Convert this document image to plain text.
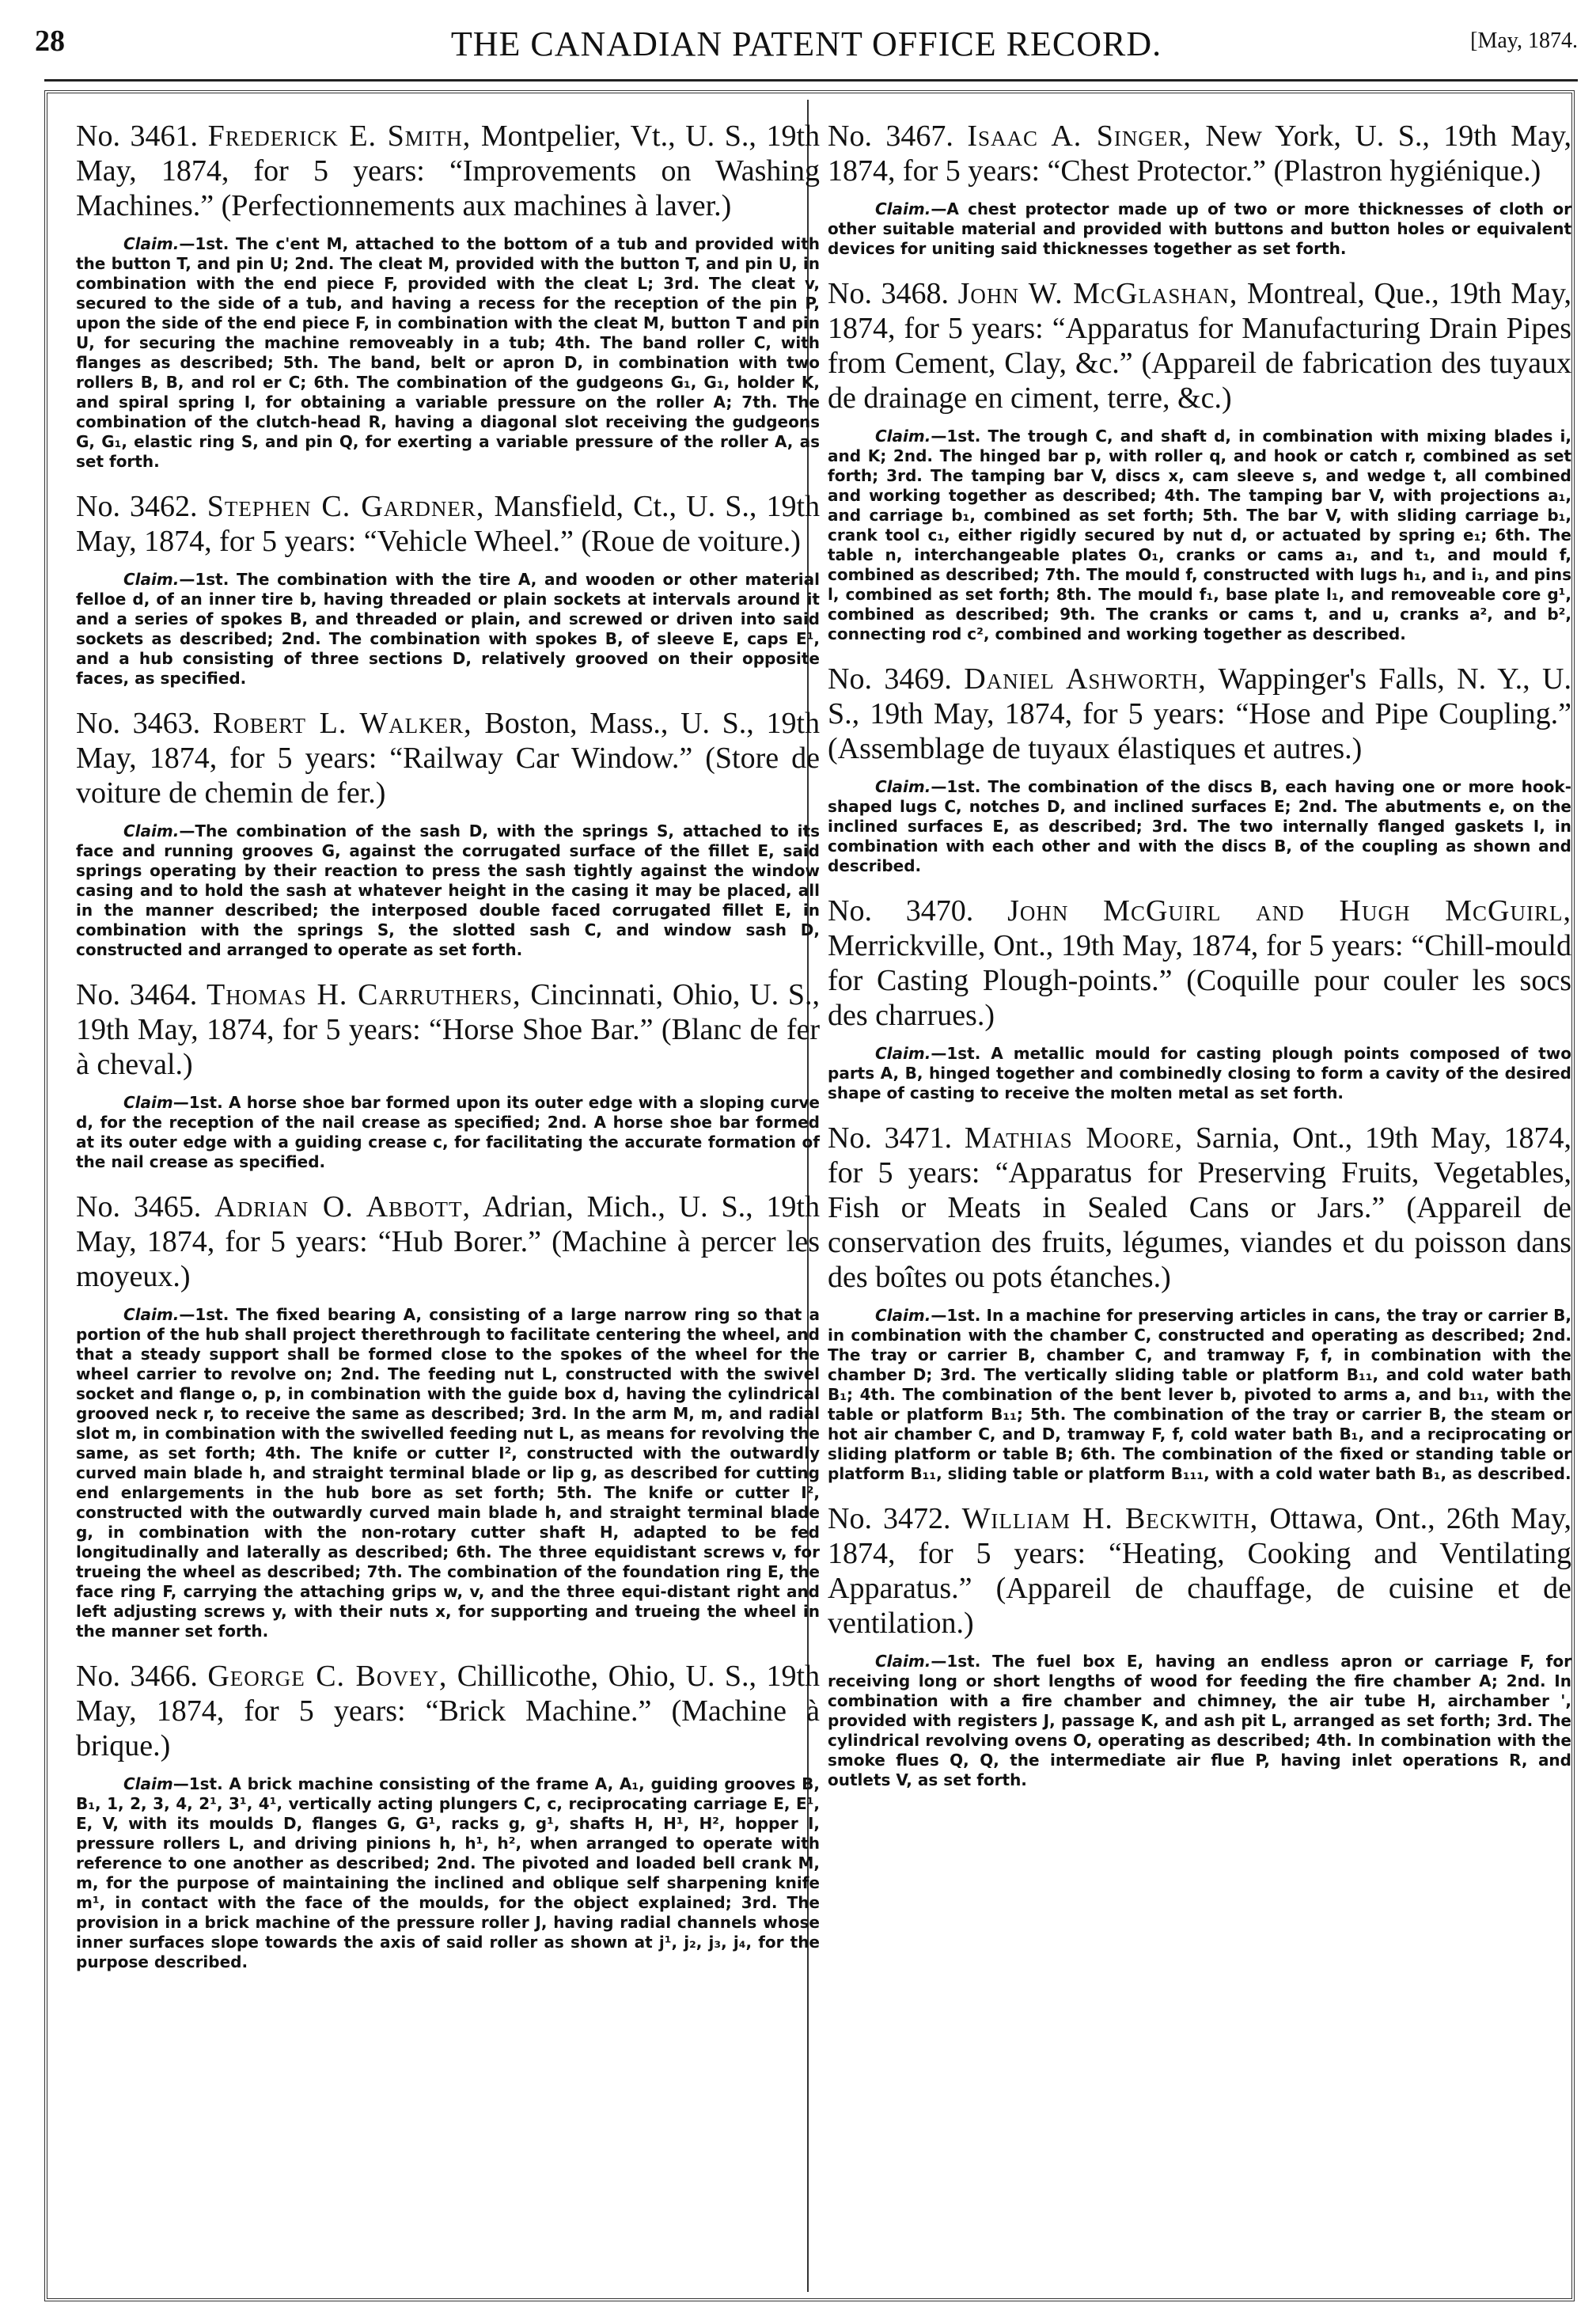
28	THE CANADIAN PATENT OFFICE RECORD.	[May, 1874.

No. 3461. Frederick E. Smith, Montpelier, Vt., U. S., 19th May, 1874, for 5 years: “Improvements on Washing Machines.” (Perfectionnements aux machines à laver.)

Claim.—1st. The c'ent M, attached to the bottom of a tub and provided with the button T, and pin U; 2nd. The cleat M, provided with the button T, and pin U, in combination with the end piece F, provided with the cleat L; 3rd. The cleat v, secured to the side of a tub, and having a recess for the reception of the pin P, upon the side of the end piece F, in combination with the cleat M, button T and pin U, for securing the machine removeably in a tub; 4th. The band roller C, with flanges as described; 5th. The band, belt or apron D, in combination with two rollers B, B, and rol er C; 6th. The combination of the gudgeons G₁, G₁, holder K, and spiral spring I, for obtaining a variable pressure on the roller A; 7th. The combination of the clutch-head R, having a diagonal slot receiving the gudgeons G, G₁, elastic ring S, and pin Q, for exerting a variable pressure of the roller A, as set forth.

No. 3462. Stephen C. Gardner, Mansfield, Ct., U. S., 19th May, 1874, for 5 years: “Vehicle Wheel.” (Roue de voiture.)

Claim.—1st. The combination with the tire A, and wooden or other material felloe d, of an inner tire b, having threaded or plain sockets at intervals around it and a series of spokes B, and threaded or plain, and screwed or driven into said sockets as described; 2nd. The combination with spokes B, of sleeve E, caps E¹, and a hub consisting of three sections D, relatively grooved on their opposite faces, as specified.

No. 3463. Robert L. Walker, Boston, Mass., U. S., 19th May, 1874, for 5 years: “Railway Car Window.” (Store de voiture de chemin de fer.)

Claim.—The combination of the sash D, with the springs S, attached to its face and running grooves G, against the corrugated surface of the fillet E, said springs operating by their reaction to press the sash tightly against the window casing and to hold the sash at whatever height in the casing it may be placed, all in the manner described; the interposed double faced corrugated fillet E, in combination with the springs S, the slotted sash C, and window sash D, constructed and arranged to operate as set forth.

No. 3464. Thomas H. Carruthers, Cincinnati, Ohio, U. S., 19th May, 1874, for 5 years: “Horse Shoe Bar.” (Blanc de fer à cheval.)

Claim—1st. A horse shoe bar formed upon its outer edge with a sloping curve d, for the reception of the nail crease as specified; 2nd. A horse shoe bar formed at its outer edge with a guiding crease c, for facilitating the accurate formation of the nail crease as specified.

No. 3465. Adrian O. Abbott, Adrian, Mich., U. S., 19th May, 1874, for 5 years: “Hub Borer.” (Machine à percer les moyeux.)

Claim.—1st. The fixed bearing A, consisting of a large narrow ring so that a portion of the hub shall project therethrough to facilitate centering the wheel, and that a steady support shall be formed close to the spokes of the wheel for the wheel carrier to revolve on; 2nd. The feeding nut L, constructed with the swivel socket and flange o, p, in combination with the guide box d, having the cylindrical grooved neck r, to receive the same as described; 3rd. In the arm M, m, and radial slot m, in combination with the swivelled feeding nut L, as means for revolving the same, as set forth; 4th. The knife or cutter I², constructed with the outwardly curved main blade h, and straight terminal blade or lip g, as described for cutting end enlargements in the hub bore as set forth; 5th. The knife or cutter I², constructed with the outwardly curved main blade h, and straight terminal blade g, in combination with the non-rotary cutter shaft H, adapted to be fed longitudinally and laterally as described; 6th. The three equidistant screws v, for trueing the wheel as described; 7th. The combination of the foundation ring E, the face ring F, carrying the attaching grips w, v, and the three equi-distant right and left adjusting screws y, with their nuts x, for supporting and trueing the wheel in the manner set forth.

No. 3466. George C. Bovey, Chillicothe, Ohio, U. S., 19th May, 1874, for 5 years: “Brick Machine.” (Machine à brique.)

Claim—1st. A brick machine consisting of the frame A, A₁, guiding grooves B, B₁, 1, 2, 3, 4, 2¹, 3¹, 4¹, vertically acting plungers C, c, reciprocating carriage E, E¹, E, V, with its moulds D, flanges G, G¹, racks g, g¹, shafts H, H¹, H², hopper I, pressure rollers L, and driving pinions h, h¹, h², when arranged to operate with reference to one another as described; 2nd. The pivoted and loaded bell crank M, m, for the purpose of maintaining the inclined and oblique self sharpening knife m¹, in contact with the face of the moulds, for the object explained; 3rd. The provision in a brick machine of the pressure roller J, having radial channels whose inner surfaces slope towards the axis of said roller as shown at j¹, j₂, j₃, j₄, for the purpose described.

No. 3467. Isaac A. Singer, New York, U. S., 19th May, 1874, for 5 years: “Chest Protector.” (Plastron hygiénique.)

Claim.—A chest protector made up of two or more thicknesses of cloth or other suitable material and provided with buttons and button holes or equivalent devices for uniting said thicknesses together as set forth.

No. 3468. John W. McGlashan, Montreal, Que., 19th May, 1874, for 5 years: “Apparatus for Manufacturing Drain Pipes from Cement, Clay, &c.” (Appareil de fabrication des tuyaux de drainage en ciment, terre, &c.)

Claim.—1st. The trough C, and shaft d, in combination with mixing blades i, and K; 2nd. The hinged bar p, with roller q, and hook or catch r, combined as set forth; 3rd. The tamping bar V, discs x, cam sleeve s, and wedge t, all combined and working together as described; 4th. The tamping bar V, with projections a₁, and carriage b₁, combined as set forth; 5th. The bar V, with sliding carriage b₁, crank tool c₁, either rigidly secured by nut d, or actuated by spring e₁; 6th. The table n, interchangeable plates O₁, cranks or cams a₁, and t₁, and mould f, combined as described; 7th. The mould f, constructed with lugs h₁, and i₁, and pins l, combined as set forth; 8th. The mould f₁, base plate l₁, and removeable core g¹, combined as described; 9th. The cranks or cams t, and u, cranks a², and b², connecting rod c², combined and working together as described.

No. 3469. Daniel Ashworth, Wappinger's Falls, N. Y., U. S., 19th May, 1874, for 5 years: “Hose and Pipe Coupling.” (Assemblage de tuyaux élastiques et autres.)

Claim.—1st. The combination of the discs B, each having one or more hook-shaped lugs C, notches D, and inclined surfaces E; 2nd. The abutments e, on the inclined surfaces E, as described; 3rd. The two internally flanged gaskets I, in combination with each other and with the discs B, of the coupling as shown and described.

No. 3470. John McGuirl and Hugh McGuirl, Merrickville, Ont., 19th May, 1874, for 5 years: “Chill-mould for Casting Plough-points.” (Coquille pour couler les socs des charrues.)

Claim.—1st. A metallic mould for casting plough points composed of two parts A, B, hinged together and combinedly closing to form a cavity of the desired shape of casting to receive the molten metal as set forth.

No. 3471. Mathias Moore, Sarnia, Ont., 19th May, 1874, for 5 years: “Apparatus for Preserving Fruits, Vegetables, Fish or Meats in Sealed Cans or Jars.” (Appareil de conservation des fruits, légumes, viandes et du poisson dans des boîtes ou pots étanches.)

Claim.—1st. In a machine for preserving articles in cans, the tray or carrier B, in combination with the chamber C, constructed and operating as described; 2nd. The tray or carrier B, chamber C, and tramway F, f, in combination with the chamber D; 3rd. The vertically sliding table or platform B₁₁, and cold water bath B₁; 4th. The combination of the bent lever b, pivoted to arms a, and b₁₁, with the table or platform B₁₁; 5th. The combination of the tray or carrier B, the steam or hot air chamber C, and D, tramway F, f, cold water bath B₁, and a reciprocating or sliding platform or table B; 6th. The combination of the fixed or standing table or platform B₁₁, sliding table or platform B₁₁₁, with a cold water bath B₁, as described.

No. 3472. William H. Beckwith, Ottawa, Ont., 26th May, 1874, for 5 years: “Heating, Cooking and Ventilating Apparatus.” (Appareil de chauffage, de cuisine et de ventilation.)

Claim.—1st. The fuel box E, having an endless apron or carriage F, for receiving long or short lengths of wood for feeding the fire chamber A; 2nd. In combination with a fire chamber and chimney, the air tube H, airchamber ', provided with registers J, passage K, and ash pit L, arranged as set forth; 3rd. The cylindrical revolving ovens O, operating as described; 4th. In combination with the smoke flues Q, Q, the intermediate air flue P, having inlet operations R, and outlets V, as set forth.
